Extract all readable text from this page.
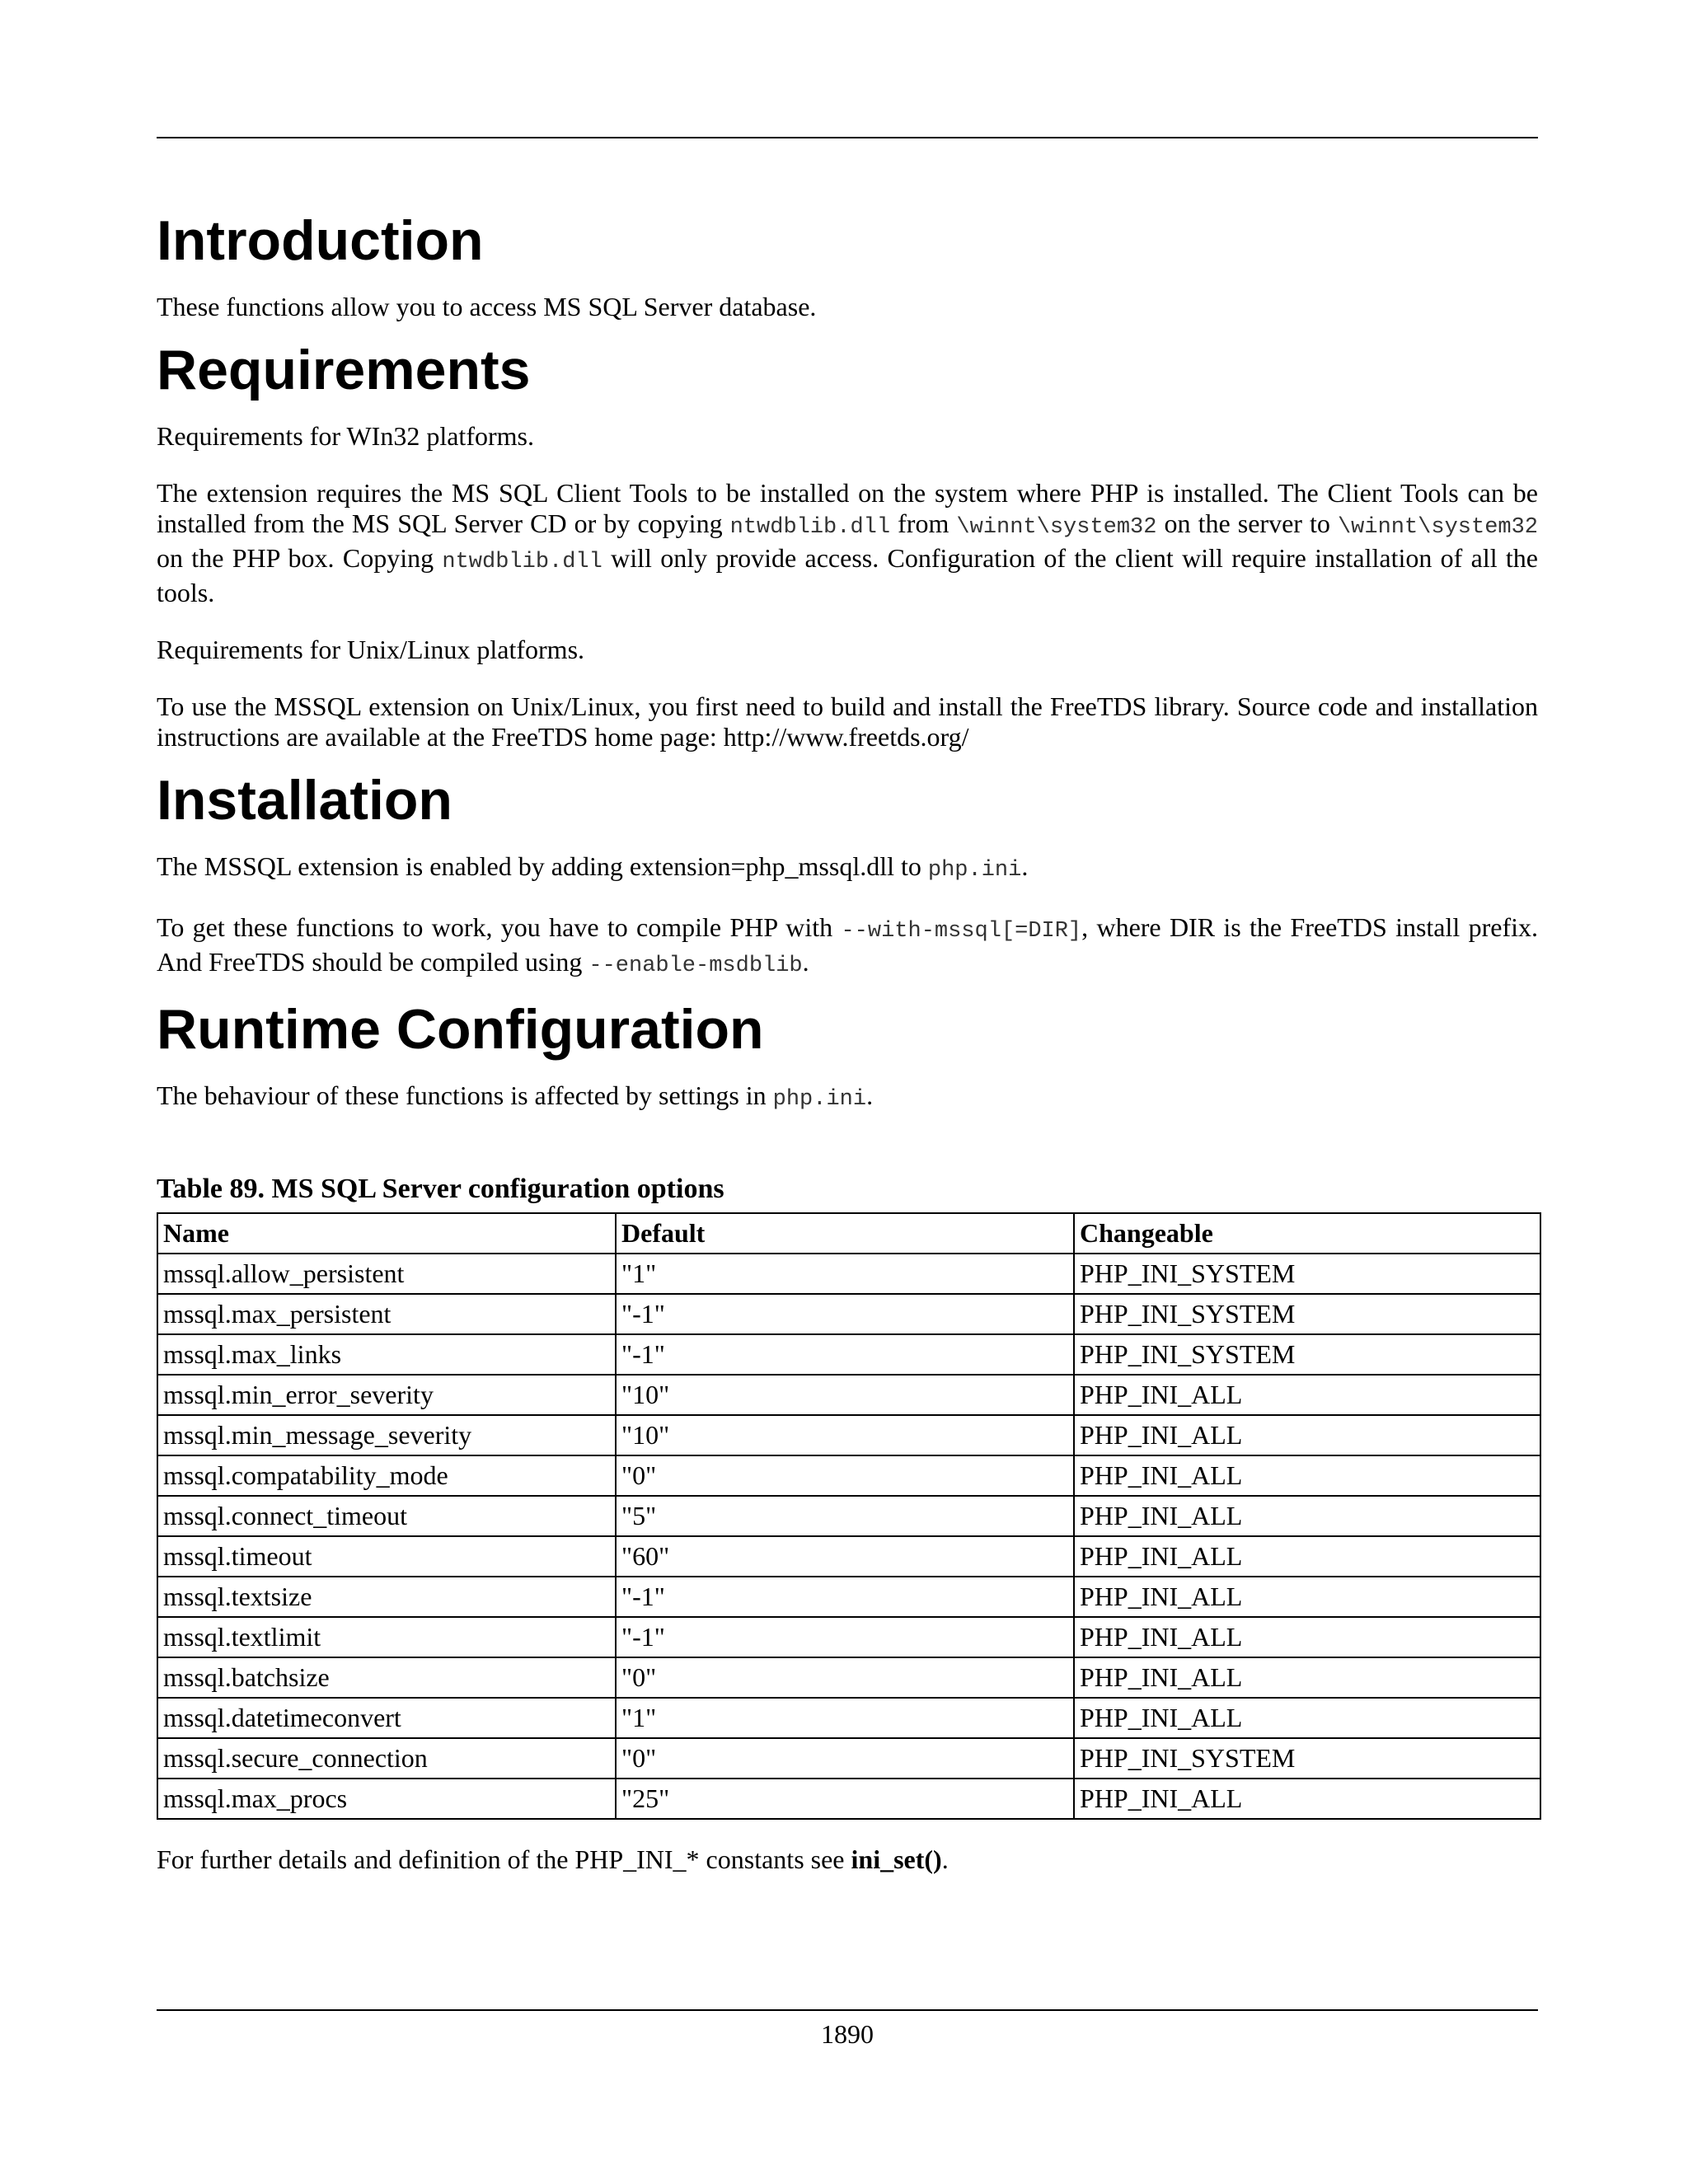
Introduction

These functions allow you to access MS SQL Server database.

Requirements

Requirements for WIn32 platforms.

The extension requires the MS SQL Client Tools to be installed on the system where PHP is installed. The Client Tools can be installed from the MS SQL Server CD or by copying ntwdblib.dll from \winnt\system32 on the server to \winnt\system32 on the PHP box. Copying ntwdblib.dll will only provide access. Configuration of the client will require installation of all the tools.

Requirements for Unix/Linux platforms.

To use the MSSQL extension on Unix/Linux, you first need to build and install the FreeTDS library. Source code and installation instructions are available at the FreeTDS home page: http://www.freetds.org/

Installation

The MSSQL extension is enabled by adding extension=php_mssql.dll to php.ini.

To get these functions to work, you have to compile PHP with --with-mssql[=DIR], where DIR is the FreeTDS install prefix. And FreeTDS should be compiled using --enable-msdblib.

Runtime Configuration

The behaviour of these functions is affected by settings in php.ini.

Table 89. MS SQL Server configuration options
Name	Default	Changeable
mssql.allow_persistent	"1"	PHP_INI_SYSTEM
mssql.max_persistent	"-1"	PHP_INI_SYSTEM
mssql.max_links	"-1"	PHP_INI_SYSTEM
mssql.min_error_severity	"10"	PHP_INI_ALL
mssql.min_message_severity	"10"	PHP_INI_ALL
mssql.compatability_mode	"0"	PHP_INI_ALL
mssql.connect_timeout	"5"	PHP_INI_ALL
mssql.timeout	"60"	PHP_INI_ALL
mssql.textsize	"-1"	PHP_INI_ALL
mssql.textlimit	"-1"	PHP_INI_ALL
mssql.batchsize	"0"	PHP_INI_ALL
mssql.datetimeconvert	"1"	PHP_INI_ALL
mssql.secure_connection	"0"	PHP_INI_SYSTEM
mssql.max_procs	"25"	PHP_INI_ALL

For further details and definition of the PHP_INI_* constants see ini_set().

1890
